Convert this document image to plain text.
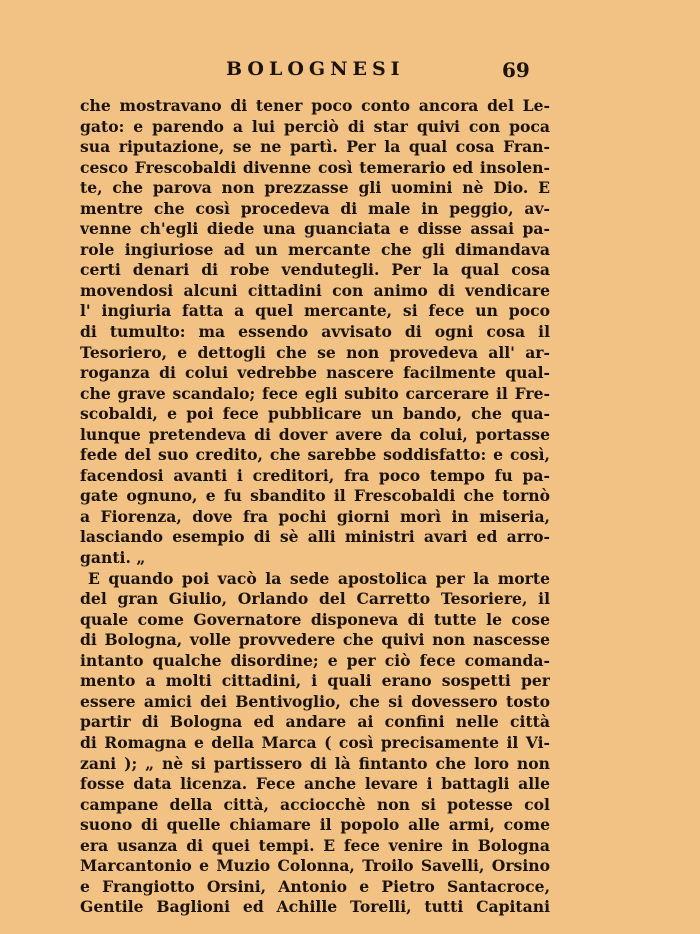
BOLOGNESI	69
che mostravano di tener poco conto ancora del Le-
gato: e parendo a lui perciò di star quivi con poca
sua riputazione, se ne partì. Per la qual cosa Fran-
cesco Frescobaldi divenne così temerario ed insolen-
te, che parova non prezzasse gli uomini nè Dio. E
mentre che così procedeva di male in peggio, av-
venne ch'egli diede una guanciata e disse assai pa-
role ingiuriose ad un mercante che gli dimandava
certi denari di robe vendutegli. Per la qual cosa
movendosi alcuni cittadini con animo di vendicare
l' ingiuria fatta a quel mercante, si fece un poco
di tumulto: ma essendo avvisato di ogni cosa il
Tesoriero, e dettogli che se non provedeva all' ar-
roganza di colui vedrebbe nascere facilmente qual-
che grave scandalo; fece egli subito carcerare il Fre-
scobaldi, e poi fece pubblicare un bando, che qua-
lunque pretendeva di dover avere da colui, portasse
fede del suo credito, che sarebbe soddisfatto: e così,
facendosi avanti i creditori, fra poco tempo fu pa-
gate ognuno, e fu sbandito il Frescobaldi che tornò
a Fiorenza, dove fra pochi giorni morì in miseria,
lasciando esempio di sè alli ministri avari ed arro-
ganti. „
E quando poi vacò la sede apostolica per la morte
del gran Giulio, Orlando del Carretto Tesoriere, il
quale come Governatore disponeva di tutte le cose
di Bologna, volle provvedere che quivi non nascesse
intanto qualche disordine; e per ciò fece comanda-
mento a molti cittadini, i quali erano sospetti per
essere amici dei Bentivoglio, che si dovessero tosto
partir di Bologna ed andare ai confini nelle città
di Romagna e della Marca ( così precisamente il Vi-
zani ); „ nè si partissero di là fintanto che loro non
fosse data licenza. Fece anche levare i battagli alle
campane della città, acciocchè non si potesse col
suono di quelle chiamare il popolo alle armi, come
era usanza di quei tempi. E fece venire in Bologna
Marcantonio e Muzio Colonna, Troilo Savelli, Orsino
e Frangiotto Orsini, Antonio e Pietro Santacroce,
Gentile Baglioni ed Achille Torelli, tutti Capitani
